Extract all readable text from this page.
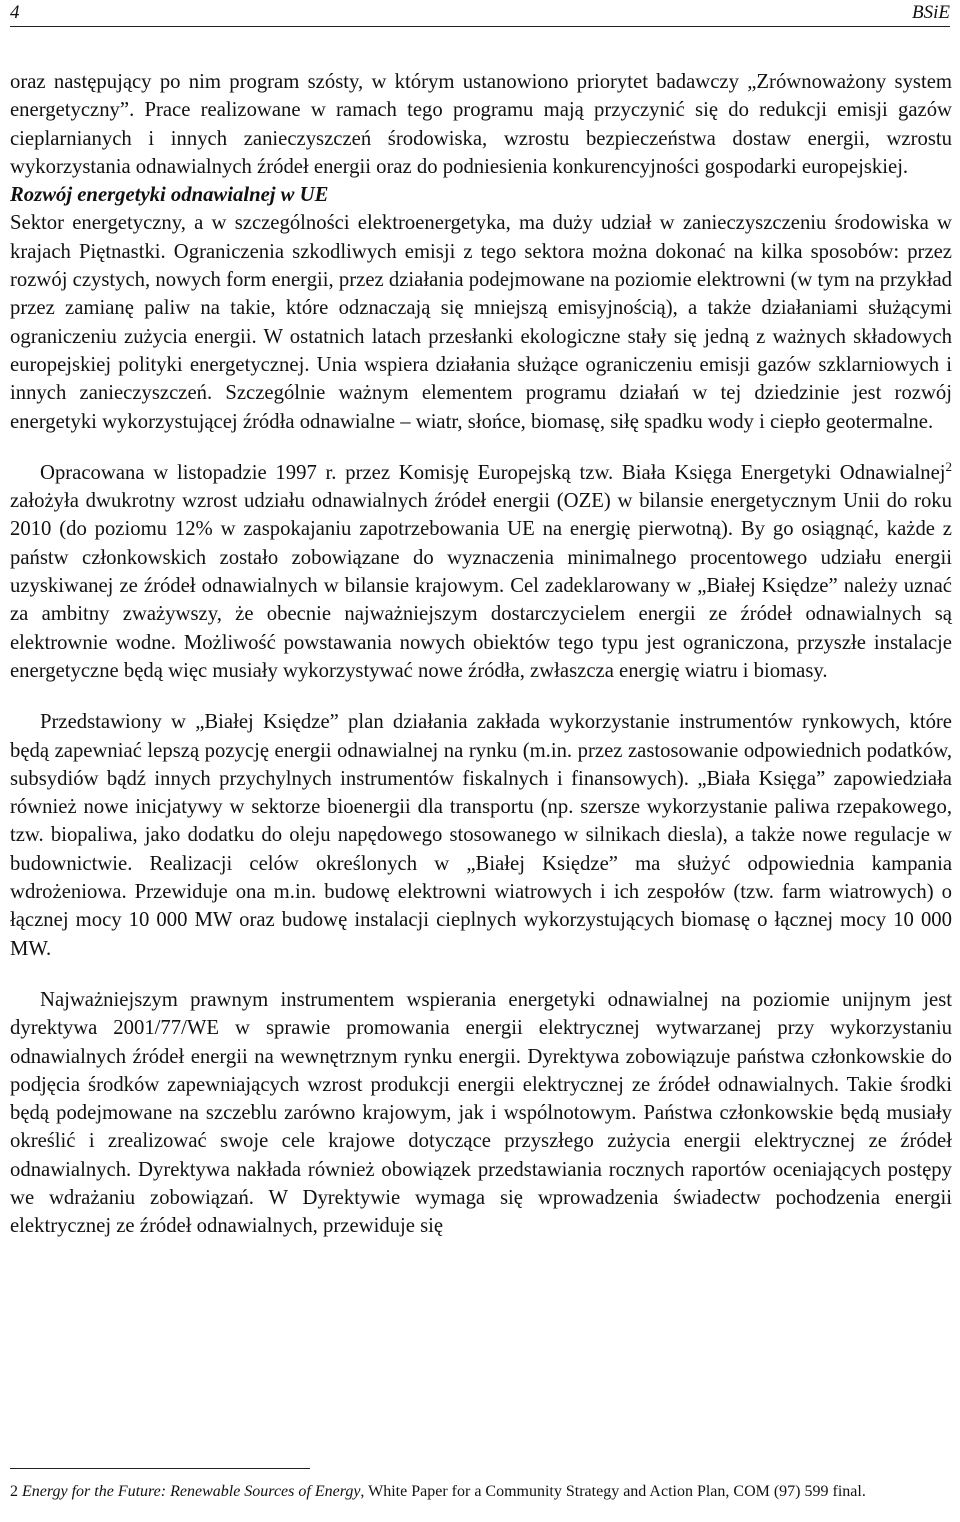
4	BSiE

oraz następujący po nim program szósty, w którym ustanowiono priorytet badawczy „Zrównoważony system energetyczny”. Prace realizowane w ramach tego programu mają przyczynić się do redukcji emisji gazów cieplarnianych i innych zanieczyszczeń środowiska, wzrostu bezpieczeństwa dostaw energii, wzrostu wykorzystania odnawialnych źródeł energii oraz do podniesienia konkurencyjności gospodarki europejskiej.

Rozwój energetyki odnawialnej w UE

Sektor energetyczny, a w szczególności elektroenergetyka, ma duży udział w zanieczyszczeniu środowiska w krajach Piętnastki. Ograniczenia szkodliwych emisji z tego sektora można dokonać na kilka sposobów: przez rozwój czystych, nowych form energii, przez działania podejmowane na poziomie elektrowni (w tym na przykład przez zamianę paliw na takie, które odznaczają się mniejszą emisyjnością), a także działaniami służącymi ograniczeniu zużycia energii. W ostatnich latach przesłanki ekologiczne stały się jedną z ważnych składowych europejskiej polityki energetycznej. Unia wspiera działania służące ograniczeniu emisji gazów szklarniowych i innych zanieczyszczeń. Szczególnie ważnym elementem programu działań w tej dziedzinie jest rozwój energetyki wykorzystującej źródła odnawialne – wiatr, słońce, biomasę, siłę spadku wody i ciepło geotermalne.

Opracowana w listopadzie 1997 r. przez Komisję Europejską tzw. Biała Księga Energetyki Odnawialnej$^2$ założyła dwukrotny wzrost udziału odnawialnych źródeł energii (OZE) w bilansie energetycznym Unii do roku 2010 (do poziomu 12% w zaspokajaniu zapotrzebowania UE na energię pierwotną). By go osiągnąć, każde z państw członkowskich zostało zobowiązane do wyznaczenia minimalnego procentowego udziału energii uzyskiwanej ze źródeł odnawialnych w bilansie krajowym. Cel zadeklarowany w „Białej Księdze” należy uznać za ambitny zważywszy, że obecnie najważniejszym dostarczycielem energii ze źródeł odnawialnych są elektrownie wodne. Możliwość powstawania nowych obiektów tego typu jest ograniczona, przyszłe instalacje energetyczne będą więc musiały wykorzystywać nowe źródła, zwłaszcza energię wiatru i biomasy.

Przedstawiony w „Białej Księdze” plan działania zakłada wykorzystanie instrumentów rynkowych, które będą zapewniać lepszą pozycję energii odnawialnej na rynku (m.in. przez zastosowanie odpowiednich podatków, subsydiów bądź innych przychylnych instrumentów fiskalnych i finansowych). „Biała Księga” zapowiedziała również nowe inicjatywy w sektorze bioenergii dla transportu (np. szersze wykorzystanie paliwa rzepakowego, tzw. biopaliwa, jako dodatku do oleju napędowego stosowanego w silnikach diesla), a także nowe regulacje w budownictwie. Realizacji celów określonych w „Białej Księdze” ma służyć odpowiednia kampania wdrożeniowa. Przewiduje ona m.in. budowę elektrowni wiatrowych i ich zespołów (tzw. farm wiatrowych) o łącznej mocy 10 000 MW oraz budowę instalacji cieplnych wykorzystujących biomasę o łącznej mocy 10 000 MW.

Najważniejszym prawnym instrumentem wspierania energetyki odnawialnej na poziomie unijnym jest dyrektywa 2001/77/WE w sprawie promowania energii elektrycznej wytwarzanej przy wykorzystaniu odnawialnych źródeł energii na wewnętrznym rynku energii. Dyrektywa zobowiązuje państwa członkowskie do podjęcia środków zapewniających wzrost produkcji energii elektrycznej ze źródeł odnawialnych. Takie środki będą podejmowane na szczeblu zarówno krajowym, jak i wspólnotowym. Państwa członkowskie będą musiały określić i zrealizować swoje cele krajowe dotyczące przyszłego zużycia energii elektrycznej ze źródeł odnawialnych. Dyrektywa nakłada również obowiązek przedstawiania rocznych raportów oceniających postępy we wdrażaniu zobowiązań. W Dyrektywie wymaga się wprowadzenia świadectw pochodzenia energii elektrycznej ze źródeł odnawialnych, przewiduje się

2 Energy for the Future: Renewable Sources of Energy, White Paper for a Community Strategy and Action Plan, COM (97) 599 final.
